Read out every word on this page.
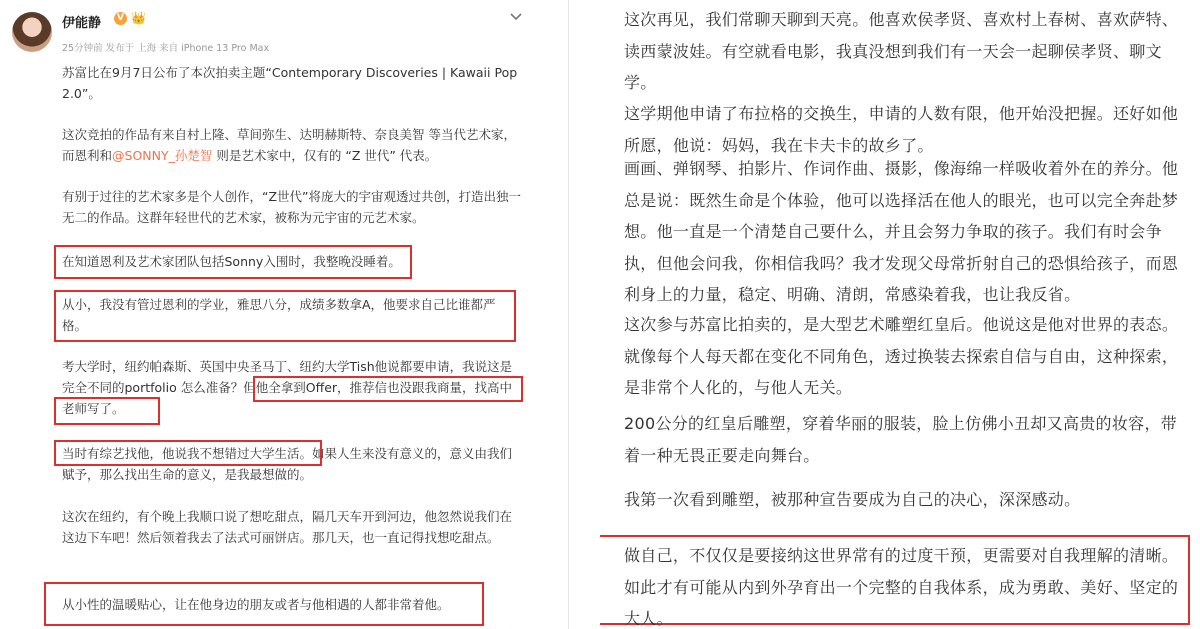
伊能静	V 👑
25分钟前 发布于 上海 来自 iPhone 13 Pro Max

苏富比在9月7日公布了本次拍卖主题“Contemporary Discoveries | Kawaii Pop 2.0”。

这次竞拍的作品有来自村上隆、草间弥生、达明赫斯特、奈良美智 等当代艺术家，而恩利和@SONNY_孙楚智 则是艺术家中，仅有的 “Z 世代” 代表。

有别于过往的艺术家多是个人创作，“Z世代”将庞大的宇宙观透过共创，打造出独一无二的作品。这群年轻世代的艺术家，被称为元宇宙的元艺术家。

在知道恩利及艺术家团队包括Sonny入围时，我整晚没睡着。

从小，我没有管过恩利的学业，雅思八分，成绩多数拿A，他要求自己比谁都严格。

考大学时，纽约帕森斯、英国中央圣马丁、纽约大学Tish他说都要申请，我说这是完全不同的portfolio 怎么准备？但他全拿到Offer，推荐信也没跟我商量，找高中老师写了。

当时有综艺找他，他说我不想错过大学生活。如果人生来没有意义的，意义由我们赋予，那么找出生命的意义，是我最想做的。

这次在纽约，有个晚上我顺口说了想吃甜点，隔几天车开到河边，他忽然说我们在这边下车吧！然后领着我去了法式可丽饼店。那几天，也一直记得找想吃甜点。

从小性的温暖贴心，让在他身边的朋友或者与他相遇的人都非常着他。

这次再见，我们常聊天聊到天亮。他喜欢侯孝贤、喜欢村上春树、喜欢萨特、读西蒙波娃。有空就看电影，我真没想到我们有一天会一起聊侯孝贤、聊文学。

这学期他申请了布拉格的交换生，申请的人数有限，他开始没把握。还好如他所愿，他说：妈妈，我在卡夫卡的故乡了。

画画、弹钢琴、拍影片、作词作曲、摄影，像海绵一样吸收着外在的养分。他总是说：既然生命是个体验，他可以选择活在他人的眼光，也可以完全奔赴梦想。他一直是一个清楚自己要什么，并且会努力争取的孩子。我们有时会争执，但他会问我，你相信我吗？我才发现父母常折射自己的恐惧给孩子，而恩利身上的力量，稳定、明确、清朗，常感染着我，也让我反省。

这次参与苏富比拍卖的，是大型艺术雕塑红皇后。他说这是他对世界的表态。就像每个人每天都在变化不同角色，透过换装去探索自信与自由，这种探索，是非常个人化的，与他人无关。

200公分的红皇后雕塑，穿着华丽的服装，脸上仿佛小丑却又高贵的妆容，带着一种无畏正要走向舞台。

我第一次看到雕塑，被那种宣告要成为自己的决心，深深感动。

做自己，不仅仅是要接纳这世界常有的过度干预，更需要对自我理解的清晰。如此才有可能从内到外孕育出一个完整的自我体系，成为勇敢、美好、坚定的大人。
